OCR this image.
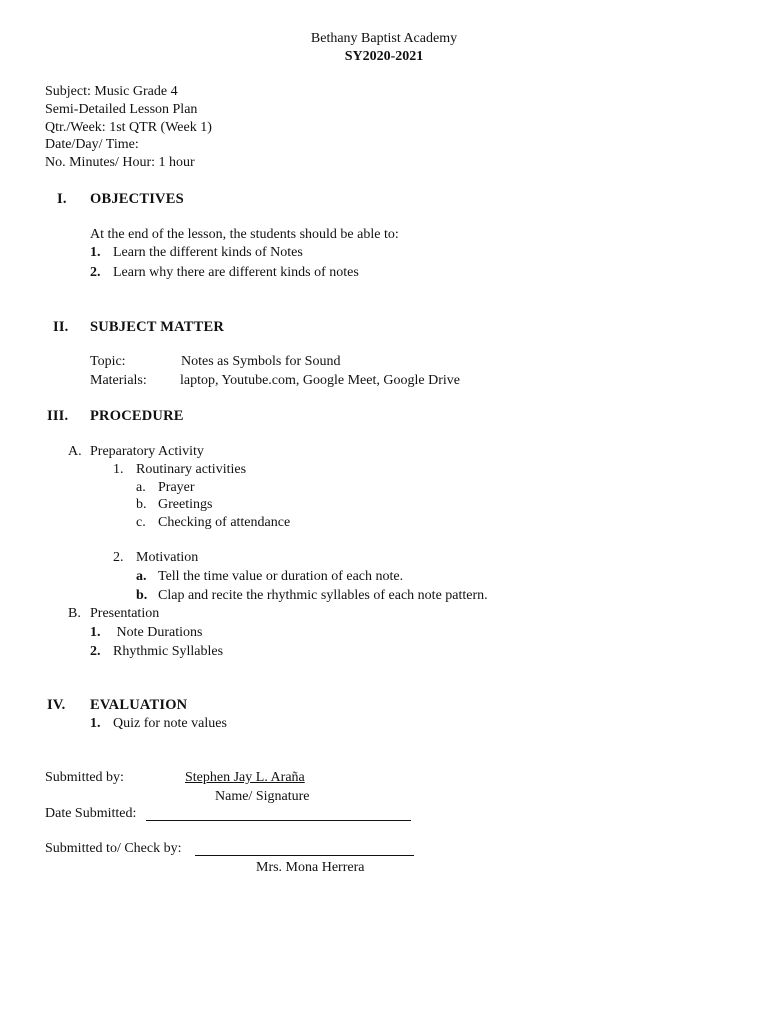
Bethany Baptist Academy
SY2020-2021
Subject: Music Grade 4
Semi-Detailed Lesson Plan
Qtr./Week: 1st QTR (Week 1)
Date/Day/ Time:
No. Minutes/ Hour: 1 hour
I. OBJECTIVES
At the end of the lesson, the students should be able to:
1. Learn the different kinds of Notes
2. Learn why there are different kinds of notes
II. SUBJECT MATTER
Topic:	Notes as Symbols for Sound
Materials: laptop, Youtube.com, Google Meet, Google Drive
III. PROCEDURE
A. Preparatory Activity
1. Routinary activities
a. Prayer
b. Greetings
c. Checking of attendance
2. Motivation
a. Tell the time value or duration of each note.
b. Clap and recite the rhythmic syllables of each note pattern.
B. Presentation
1. Note Durations
2. Rhythmic Syllables
IV. EVALUATION
1. Quiz for note values
Submitted by:	Stephen Jay L. Araña
Name/ Signature
Date Submitted:
Submitted to/ Check by:
Mrs. Mona Herrera
